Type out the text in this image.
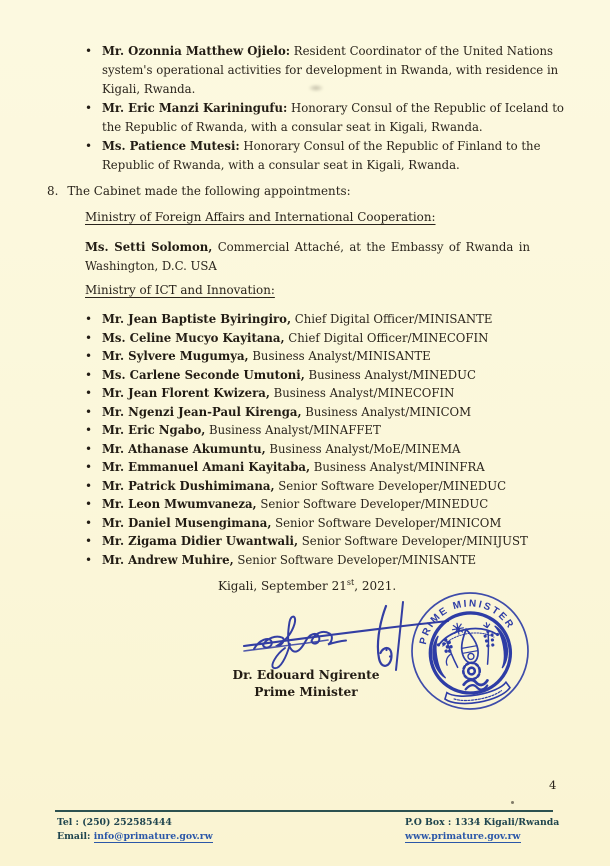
• Mr. Ozonnia Matthew Ojielo: Resident Coordinator of the United Nations
system's operational activities for development in Rwanda, with residence in
Kigali, Rwanda.
• Mr. Eric Manzi Kariningufu: Honorary Consul of the Republic of Iceland to
the Republic of Rwanda, with a consular seat in Kigali, Rwanda.
• Ms. Patience Mutesi: Honorary Consul of the Republic of Finland to the
Republic of Rwanda, with a consular seat in Kigali, Rwanda.
8. The Cabinet made the following appointments:
Ministry of Foreign Affairs and International Cooperation:
Ms. Setti Solomon, Commercial Attaché, at the Embassy of Rwanda in
Washington, D.C. USA
Ministry of ICT and Innovation:
• Mr. Jean Baptiste Byiringiro, Chief Digital Officer/MINISANTE
• Ms. Celine Mucyo Kayitana, Chief Digital Officer/MINECOFIN
• Mr. Sylvere Mugumya, Business Analyst/MINISANTE
• Ms. Carlene Seconde Umutoni, Business Analyst/MINEDUC
• Mr. Jean Florent Kwizera, Business Analyst/MINECOFIN
• Mr. Ngenzi Jean-Paul Kirenga, Business Analyst/MINICOM
• Mr. Eric Ngabo, Business Analyst/MINAFFET
• Mr. Athanase Akumuntu, Business Analyst/MoE/MINEMA
• Mr. Emmanuel Amani Kayitaba, Business Analyst/MININFRA
• Mr. Patrick Dushimimana, Senior Software Developer/MINEDUC
• Mr. Leon Mwumvaneza, Senior Software Developer/MINEDUC
• Mr. Daniel Musengimana, Senior Software Developer/MINICOM
• Mr. Zigama Didier Uwantwali, Senior Software Developer/MINIJUST
• Mr. Andrew Muhire, Senior Software Developer/MINISANTE
Kigali, September 21st, 2021.
PRIME MINISTER
Dr. Edouard Ngirente
Prime Minister
4
Tel : (250) 252585444
Email: info@primature.gov.rw
P.O Box : 1334 Kigali/Rwanda
www.primature.gov.rw
